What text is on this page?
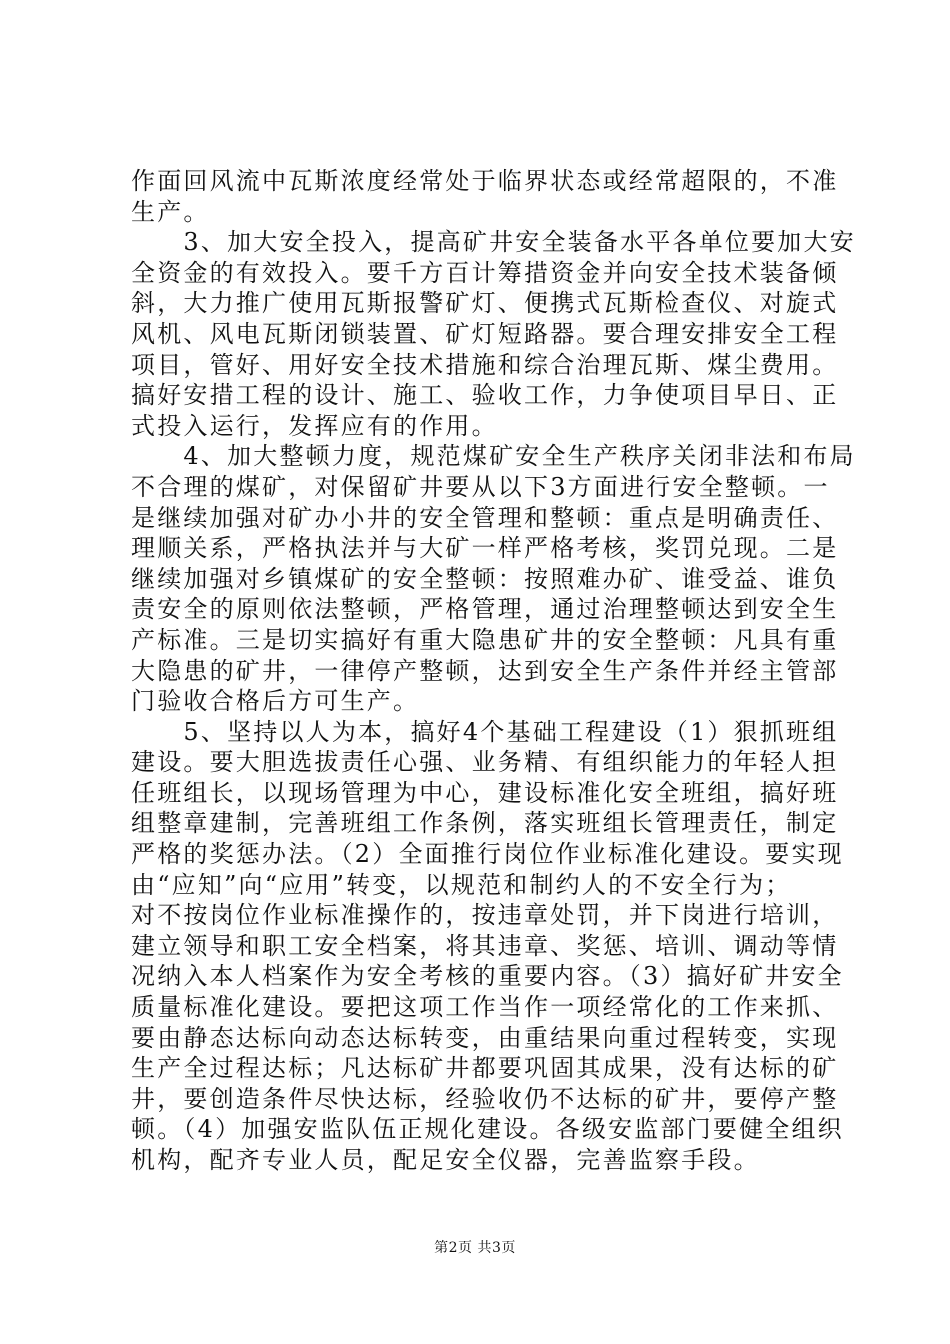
作面回风流中瓦斯浓度经常处于临界状态或经常超限的，不准
生产。
　　3、加大安全投入，提高矿井安全装备水平各单位要加大安
全资金的有效投入。要千方百计筹措资金并向安全技术装备倾
斜，大力推广使用瓦斯报警矿灯、便携式瓦斯检查仪、对旋式
风机、风电瓦斯闭锁装置、矿灯短路器。要合理安排安全工程
项目，管好、用好安全技术措施和综合治理瓦斯、煤尘费用。
搞好安措工程的设计、施工、验收工作，力争使项目早日、正
式投入运行，发挥应有的作用。
　　4、加大整顿力度，规范煤矿安全生产秩序关闭非法和布局
不合理的煤矿，对保留矿井要从以下3方面进行安全整顿。一
是继续加强对矿办小井的安全管理和整顿：重点是明确责任、
理顺关系，严格执法并与大矿一样严格考核，奖罚兑现。二是
继续加强对乡镇煤矿的安全整顿：按照难办矿、谁受益、谁负
责安全的原则依法整顿，严格管理，通过治理整顿达到安全生
产标准。三是切实搞好有重大隐患矿井的安全整顿：凡具有重
大隐患的矿井，一律停产整顿，达到安全生产条件并经主管部
门验收合格后方可生产。
　　5、坚持以人为本，搞好4个基础工程建设（1）狠抓班组
建设。要大胆选拔责任心强、业务精、有组织能力的年轻人担
任班组长，以现场管理为中心，建设标准化安全班组，搞好班
组整章建制，完善班组工作条例，落实班组长管理责任，制定
严格的奖惩办法。（2）全面推行岗位作业标准化建设。要实现
由“应知”向“应用”转变，以规范和制约人的不安全行为；
对不按岗位作业标准操作的，按违章处罚，并下岗进行培训，
建立领导和职工安全档案，将其违章、奖惩、培训、调动等情
况纳入本人档案作为安全考核的重要内容。（3）搞好矿井安全
质量标准化建设。要把这项工作当作一项经常化的工作来抓、
要由静态达标向动态达标转变，由重结果向重过程转变，实现
生产全过程达标；凡达标矿井都要巩固其成果，没有达标的矿
井，要创造条件尽快达标，经验收仍不达标的矿井，要停产整
顿。（4）加强安监队伍正规化建设。各级安监部门要健全组织
机构，配齐专业人员，配足安全仪器，完善监察手段。
第2页 共3页
